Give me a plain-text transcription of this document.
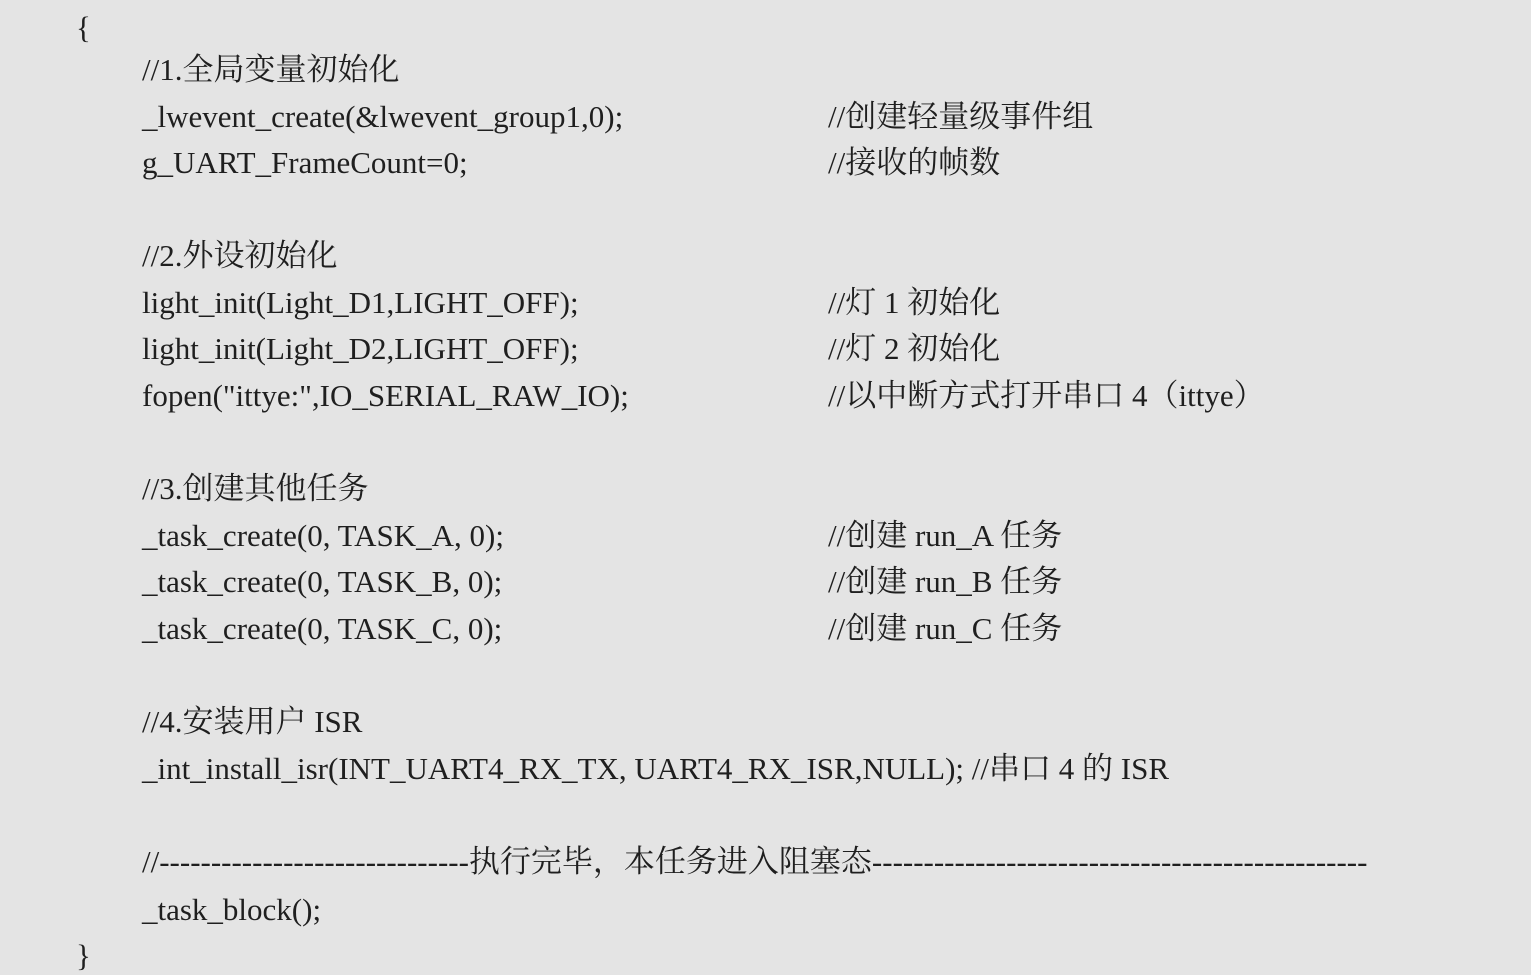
{
//1.全局变量初始化
_lwevent_create(&lwevent_group1,0);	//创建轻量级事件组
g_UART_FrameCount=0;	//接收的帧数
//2.外设初始化
light_init(Light_D1,LIGHT_OFF);	//灯 1 初始化
light_init(Light_D2,LIGHT_OFF);	//灯 2 初始化
fopen("ittye:",IO_SERIAL_RAW_IO);	//以中断方式打开串口 4（ittye）
//3.创建其他任务
_task_create(0, TASK_A, 0);	//创建 run_A 任务
_task_create(0, TASK_B, 0);	//创建 run_B 任务
_task_create(0, TASK_C, 0);	//创建 run_C 任务
//4.安装用户 ISR
_int_install_isr(INT_UART4_RX_TX, UART4_RX_ISR,NULL); //串口 4 的 ISR
//------------------------------执行完毕，本任务进入阻塞态------------------------------------------------
_task_block();
}
